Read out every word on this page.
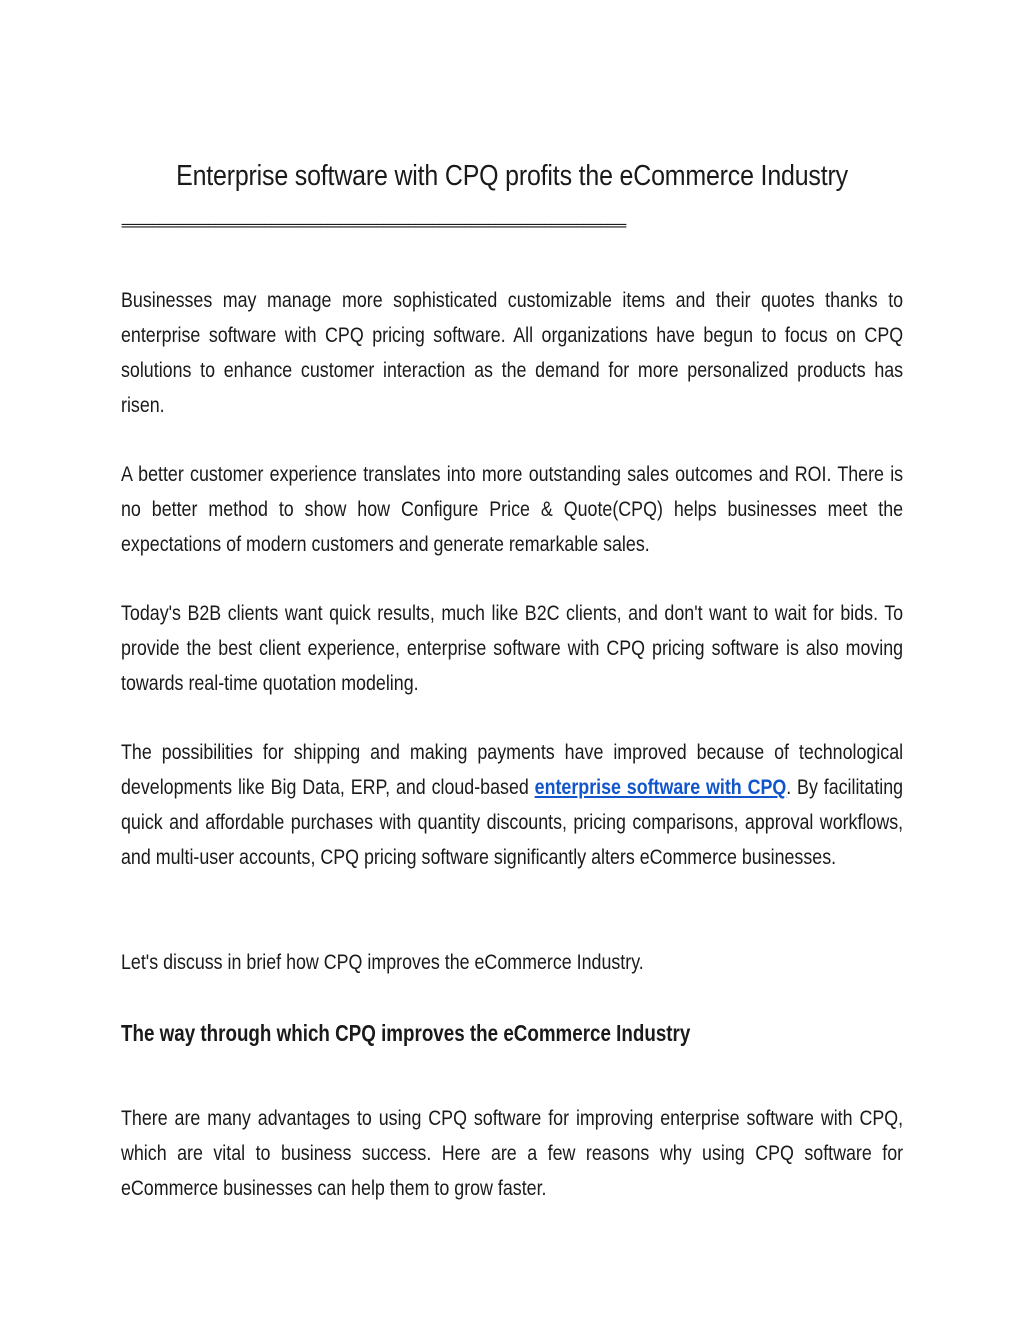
Enterprise software with CPQ profits the eCommerce Industry
=================================================================================

Businesses may manage more sophisticated customizable items and their quotes thanks to enterprise software with CPQ pricing software. All organizations have begun to focus on CPQ solutions to enhance customer interaction as the demand for more personalized products has risen.

A better customer experience translates into more outstanding sales outcomes and ROI. There is no better method to show how Configure Price & Quote(CPQ) helps businesses meet the expectations of modern customers and generate remarkable sales.

Today's B2B clients want quick results, much like B2C clients, and don't want to wait for bids. To provide the best client experience, enterprise software with CPQ pricing software is also moving towards real-time quotation modeling.

The possibilities for shipping and making payments have improved because of technological developments like Big Data, ERP, and cloud-based enterprise software with CPQ. By facilitating quick and affordable purchases with quantity discounts, pricing comparisons, approval workflows, and multi-user accounts, CPQ pricing software significantly alters eCommerce businesses.

Let's discuss in brief how CPQ improves the eCommerce Industry.

The way through which CPQ improves the eCommerce Industry

There are many advantages to using CPQ software for improving enterprise software with CPQ, which are vital to business success. Here are a few reasons why using CPQ software for eCommerce businesses can help them to grow faster.
